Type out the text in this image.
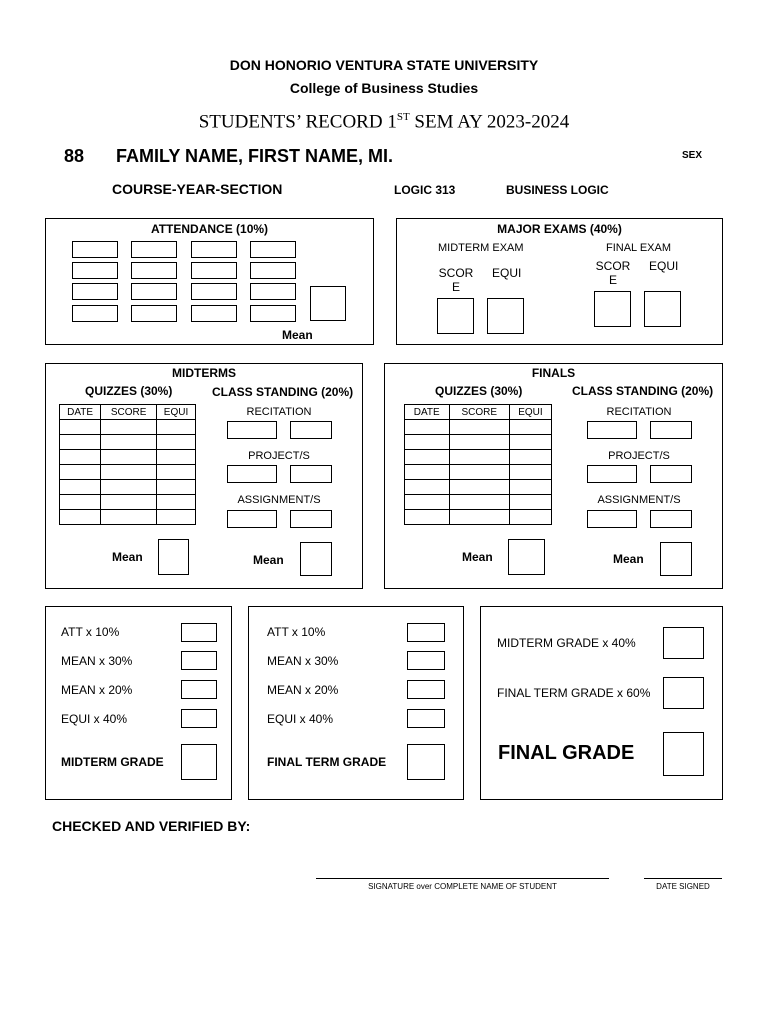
DON HONORIO VENTURA STATE UNIVERSITY
College of Business Studies
STUDENTS’ RECORD 1ST SEM AY 2023-2024
88 FAMILY NAME, FIRST NAME, MI.	SEX
COURSE-YEAR-SECTION	LOGIC 313	BUSINESS LOGIC
ATTENDANCE (10%)
Mean
MAJOR EXAMS (40%)
MIDTERM EXAM	FINAL EXAM
SCOR
E
EQUI	SCOR
E
EQUI
MIDTERMS
QUIZZES (30%)	CLASS STANDING (20%)
DATE	SCORE	EQUI

			RECITATION
PROJECT/S
ASSIGNMENT/S
Mean	Mean
FINALS
QUIZZES (30%)	CLASS STANDING (20%)
DATE	SCORE	EQUI

			RECITATION
PROJECT/S
ASSIGNMENT/S
Mean	Mean
ATT x 10%
MEAN x 30%
MEAN x 20%
EQUI x 40%
MIDTERM GRADE
ATT x 10%
MEAN x 30%
MEAN x 20%
EQUI x 40%
FINAL TERM GRADE
MIDTERM GRADE x 40%
FINAL TERM GRADE x 60%
FINAL GRADE
CHECKED AND VERIFIED BY:
SIGNATURE over COMPLETE NAME OF STUDENT	DATE SIGNED
